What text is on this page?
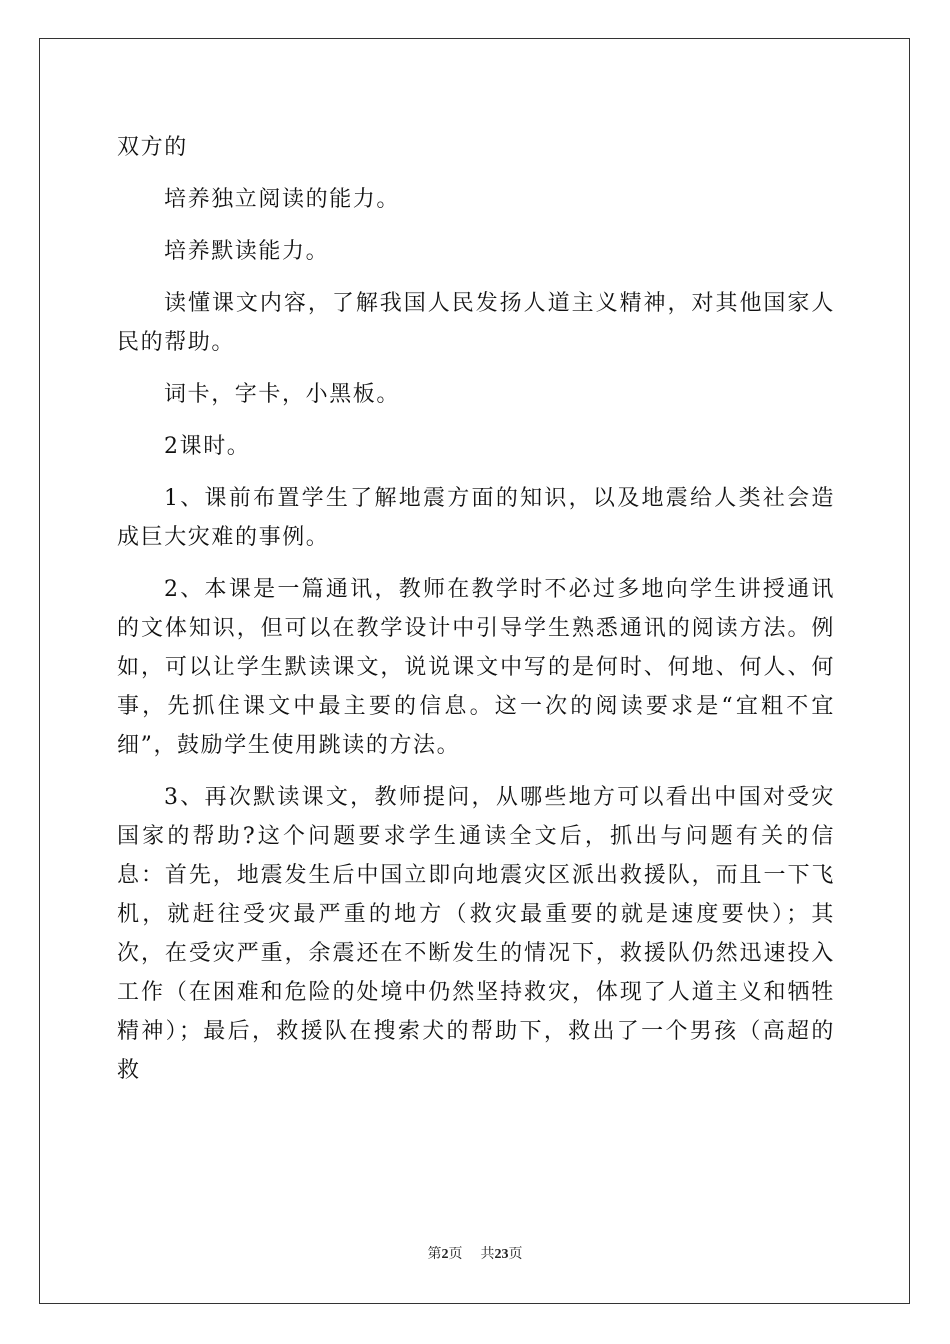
双方的

培养独立阅读的能力。

培养默读能力。

读懂课文内容，了解我国人民发扬人道主义精神，对其他国家人民的帮助。

词卡，字卡，小黑板。

2课时。

1、课前布置学生了解地震方面的知识，以及地震给人类社会造成巨大灾难的事例。

2、本课是一篇通讯，教师在教学时不必过多地向学生讲授通讯的文体知识，但可以在教学设计中引导学生熟悉通讯的阅读方法。例如，可以让学生默读课文，说说课文中写的是何时、何地、何人、何事，先抓住课文中最主要的信息。这一次的阅读要求是“宜粗不宜细”，鼓励学生使用跳读的方法。

3、再次默读课文，教师提问，从哪些地方可以看出中国对受灾国家的帮助?这个问题要求学生通读全文后，抓出与问题有关的信息：首先，地震发生后中国立即向地震灾区派出救援队，而且一下飞机，就赶往受灾最严重的地方（救灾最重要的就是速度要快）；其次，在受灾严重，余震还在不断发生的情况下，救援队仍然迅速投入工作（在困难和危险的处境中仍然坚持救灾，体现了人道主义和牺牲精神）；最后，救援队在搜索犬的帮助下，救出了一个男孩（高超的救

第2页 共23页
